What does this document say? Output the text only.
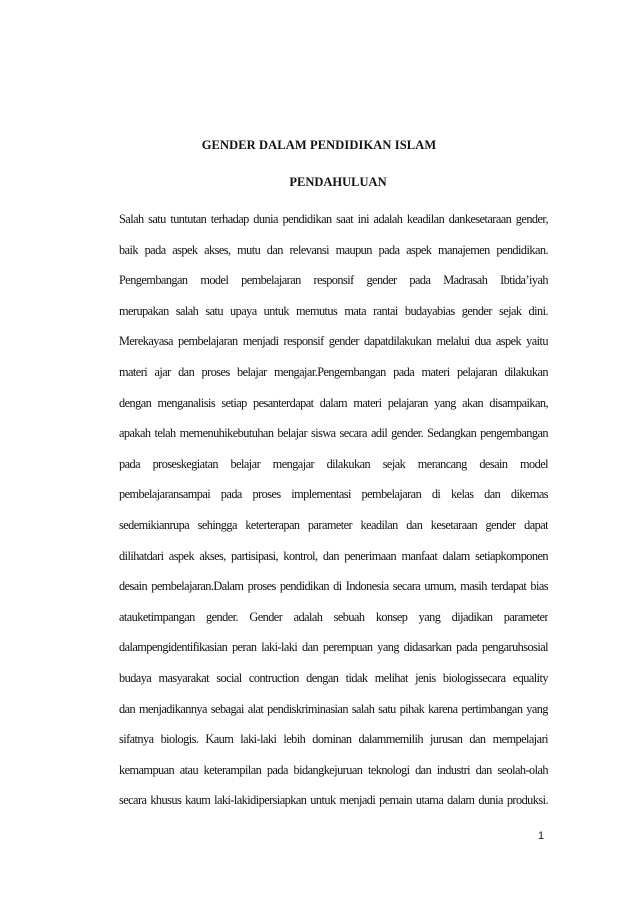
GENDER DALAM PENDIDIKAN ISLAM
PENDAHULUAN
Salah satu tuntutan terhadap dunia pendidikan saat ini adalah keadilan dankesetaraan gender,
baik pada aspek akses, mutu dan relevansi maupun pada aspek manajemen pendidikan.
Pengembangan model pembelajaran responsif gender pada Madrasah Ibtida’iyah
merupakan salah satu upaya untuk memutus mata rantai budayabias gender sejak dini.
Merekayasa pembelajaran menjadi responsif gender dapatdilakukan melalui dua aspek yaitu
materi ajar dan proses belajar mengajar.Pengembangan pada materi pelajaran dilakukan
dengan menganalisis setiap pesanterdapat dalam materi pelajaran yang akan disampaikan,
apakah telah memenuhikebutuhan belajar siswa secara adil gender. Sedangkan pengembangan
pada proseskegiatan belajar mengajar dilakukan sejak merancang desain model
pembelajaransampai pada proses implementasi pembelajaran di kelas dan dikemas
sedemikianrupa sehingga keterterapan parameter keadilan dan kesetaraan gender dapat
dilihatdari aspek akses, partisipasi, kontrol, dan penerimaan manfaat dalam setiapkomponen
desain pembelajaran.Dalam proses pendidikan di Indonesia secara umum, masih terdapat bias
atauketimpangan gender. Gender adalah sebuah konsep yang dijadikan parameter
dalampengidentifikasian peran laki-laki dan perempuan yang didasarkan pada pengaruhsosial
budaya masyarakat social contruction dengan tidak melihat jenis biologissecara equality
dan menjadikannya sebagai alat pendiskriminasian salah satu pihak karena pertimbangan yang
sifatnya biologis. Kaum laki-laki lebih dominan dalammemilih jurusan dan mempelajari
kemampuan atau keterampilan pada bidangkejuruan teknologi dan industri dan seolah-olah
secara khusus kaum laki-lakidipersiapkan untuk menjadi pemain utama dalam dunia produksi.
1
